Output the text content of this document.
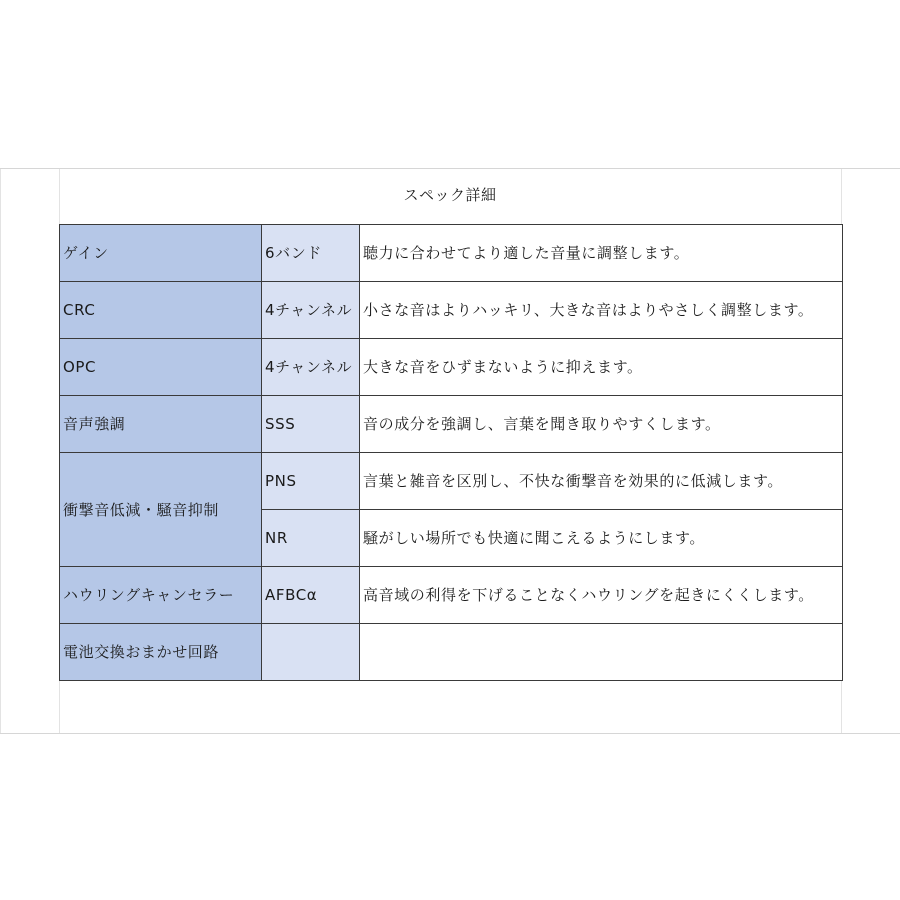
スペック詳細
ゲイン	6バンド	聴力に合わせてより適した音量に調整します。
CRC	4チャンネル	小さな音はよりハッキリ、大きな音はよりやさしく調整します。
OPC	4チャンネル	大きな音をひずまないように抑えます。
音声強調	SSS	音の成分を強調し、言葉を聞き取りやすくします。
衝撃音低減・騒音抑制	PNS	言葉と雑音を区別し、不快な衝撃音を効果的に低減します。
	NR	騒がしい場所でも快適に聞こえるようにします。
ハウリングキャンセラー	AFBCα	高音域の利得を下げることなくハウリングを起きにくくします。
電池交換おまかせ回路		
